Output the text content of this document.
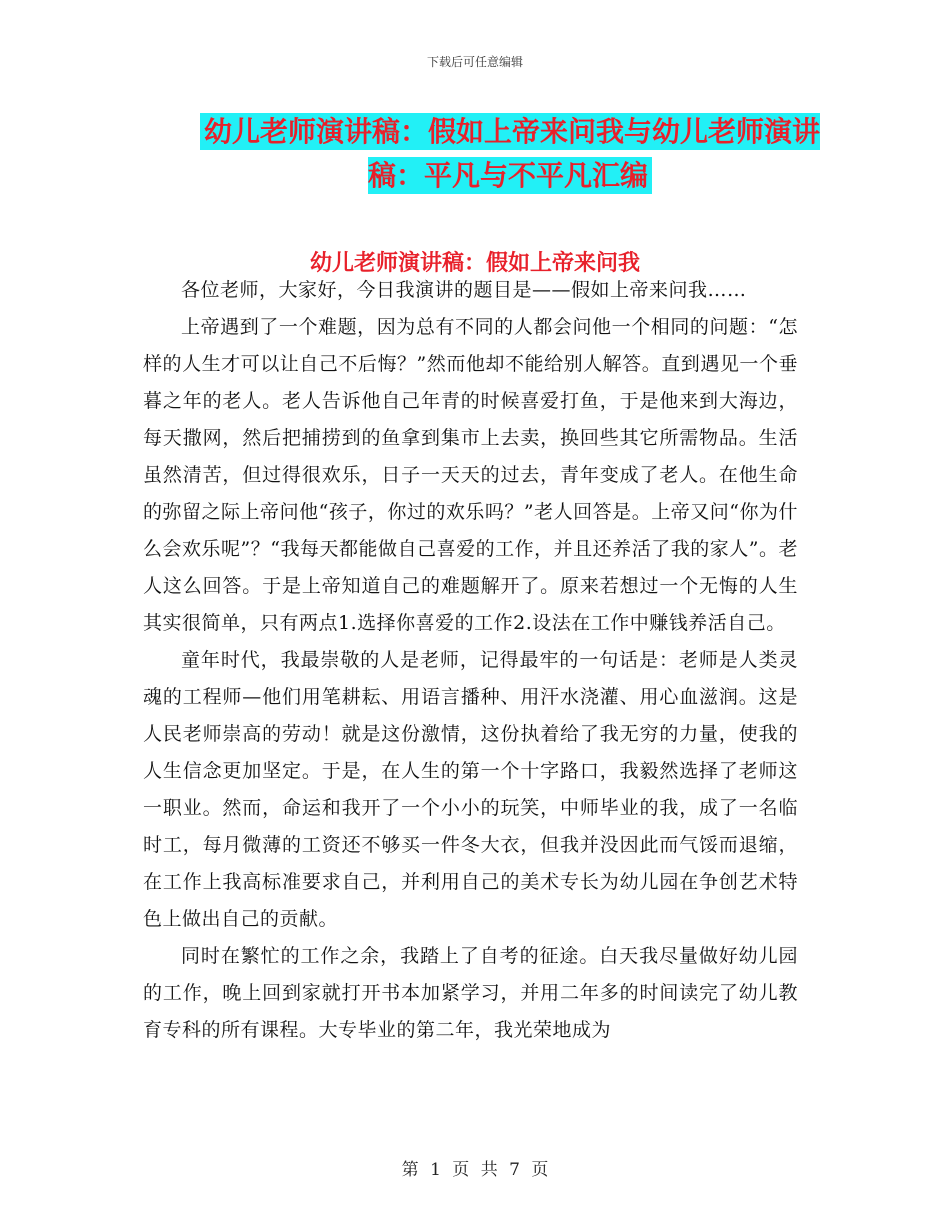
下载后可任意编辑
幼儿老师演讲稿：假如上帝来问我与幼儿老师演讲稿：平凡与不平凡汇编
幼儿老师演讲稿：假如上帝来问我

各位老师，大家好，今日我演讲的题目是——假如上帝来问我……

上帝遇到了一个难题，因为总有不同的人都会问他一个相同的问题：“怎样的人生才可以让自己不后悔？”然而他却不能给别人解答。直到遇见一个垂暮之年的老人。老人告诉他自己年青的时候喜爱打鱼，于是他来到大海边，每天撒网，然后把捕捞到的鱼拿到集市上去卖，换回些其它所需物品。生活虽然清苦，但过得很欢乐，日子一天天的过去，青年变成了老人。在他生命的弥留之际上帝问他“孩子，你过的欢乐吗？”老人回答是。上帝又问“你为什么会欢乐呢”？“我每天都能做自己喜爱的工作，并且还养活了我的家人”。老人这么回答。于是上帝知道自己的难题解开了。原来若想过一个无悔的人生其实很简单，只有两点1.选择你喜爱的工作2.设法在工作中赚钱养活自己。

童年时代，我最崇敬的人是老师，记得最牢的一句话是：老师是人类灵魂的工程师—他们用笔耕耘、用语言播种、用汗水浇灌、用心血滋润。这是人民老师崇高的劳动！就是这份激情，这份执着给了我无穷的力量，使我的人生信念更加坚定。于是，在人生的第一个十字路口，我毅然选择了老师这一职业。然而，命运和我开了一个小小的玩笑，中师毕业的我，成了一名临时工，每月微薄的工资还不够买一件冬大衣，但我并没因此而气馁而退缩，在工作上我高标准要求自己，并利用自己的美术专长为幼儿园在争创艺术特色上做出自己的贡献。

同时在繁忙的工作之余，我踏上了自考的征途。白天我尽量做好幼儿园的工作，晚上回到家就打开书本加紧学习，并用二年多的时间读完了幼儿教育专科的所有课程。大专毕业的第二年，我光荣地成为

第 1 页 共 7 页
